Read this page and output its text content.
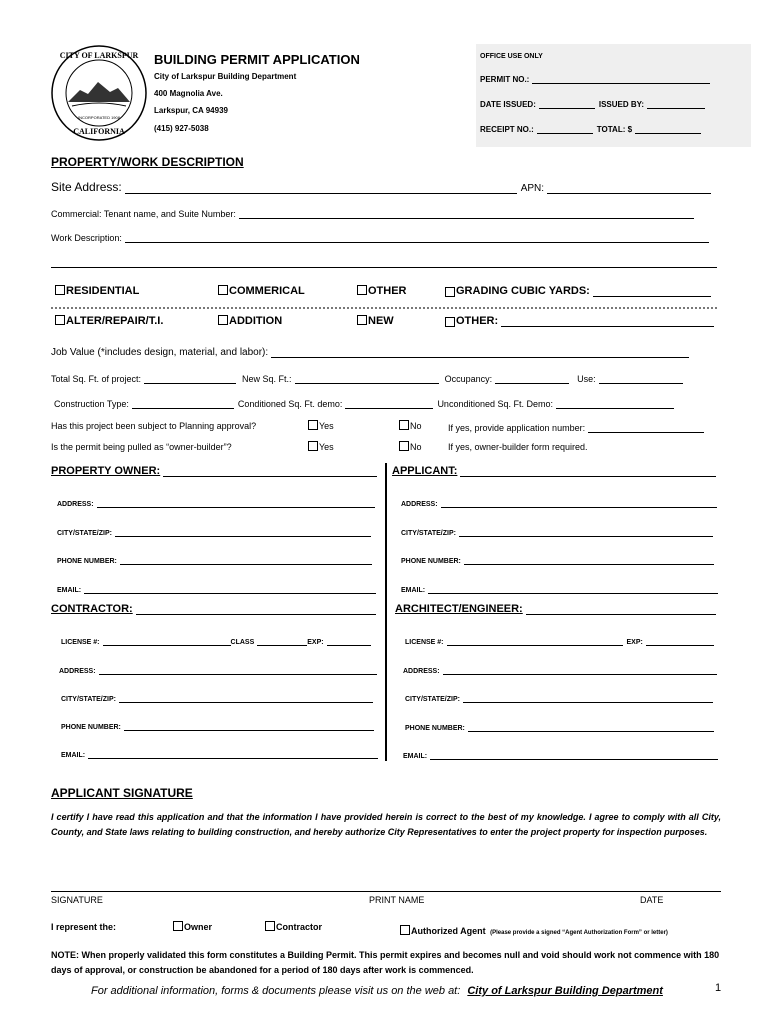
CITY OF LARKSPUR
CALIFORNIA
INCORPORATED 1908
BUILDING PERMIT APPLICATION
City of Larkspur Building Department
400 Magnolia Ave.
Larkspur, CA 94939
(415) 927-5038
OFFICE USE ONLY
PERMIT NO.:
DATE ISSUED:	ISSUED BY:
RECEIPT NO.:	TOTAL: $
PROPERTY/WORK DESCRIPTION
Site Address:	APN:
Commercial: Tenant name, and Suite Number:
Work Description:
RESIDENTIAL	COMMERICAL	OTHER	GRADING CUBIC YARDS:
ALTER/REPAIR/T.I.	ADDITION	NEW	OTHER:
Job Value (*includes design, material, and labor):
Total Sq. Ft. of project:	New Sq. Ft.:	Occupancy:	Use:
Construction Type:	Conditioned Sq. Ft. demo:	Unconditioned Sq. Ft. Demo:
Has this project been subject to Planning approval?	Yes	No	If yes, provide application number:
Is the permit being pulled as “owner-builder”?	Yes	No	If yes, owner-builder form required.
PROPERTY OWNER:
ADDRESS:
CITY/STATE/ZIP:
PHONE NUMBER:
EMAIL:
APPLICANT:
ADDRESS:
CITY/STATE/ZIP:
PHONE NUMBER:
EMAIL:
CONTRACTOR:
LICENSE #:	CLASS	EXP:
ADDRESS:
CITY/STATE/ZIP:
PHONE NUMBER:
EMAIL:
ARCHITECT/ENGINEER:
LICENSE #:	EXP:
ADDRESS:
CITY/STATE/ZIP:
PHONE NUMBER:
EMAIL:
APPLICANT SIGNATURE
I certify I have read this application and that the information I have provided herein is correct to the best of my knowledge. I agree to comply with all City, County, and State laws relating to building construction, and hereby authorize City Representatives to enter the project property for inspection purposes.
SIGNATURE	PRINT NAME	DATE
I represent the:	Owner	Contractor	Authorized Agent (Please provide a signed “Agent Authorization Form” or letter)
NOTE: When properly validated this form constitutes a Building Permit. This permit expires and becomes null and void should work not commence with 180 days of approval, or construction be abandoned for a period of 180 days after work is commenced.
For additional information, forms & documents please visit us on the web at: City of Larkspur Building Department	1
